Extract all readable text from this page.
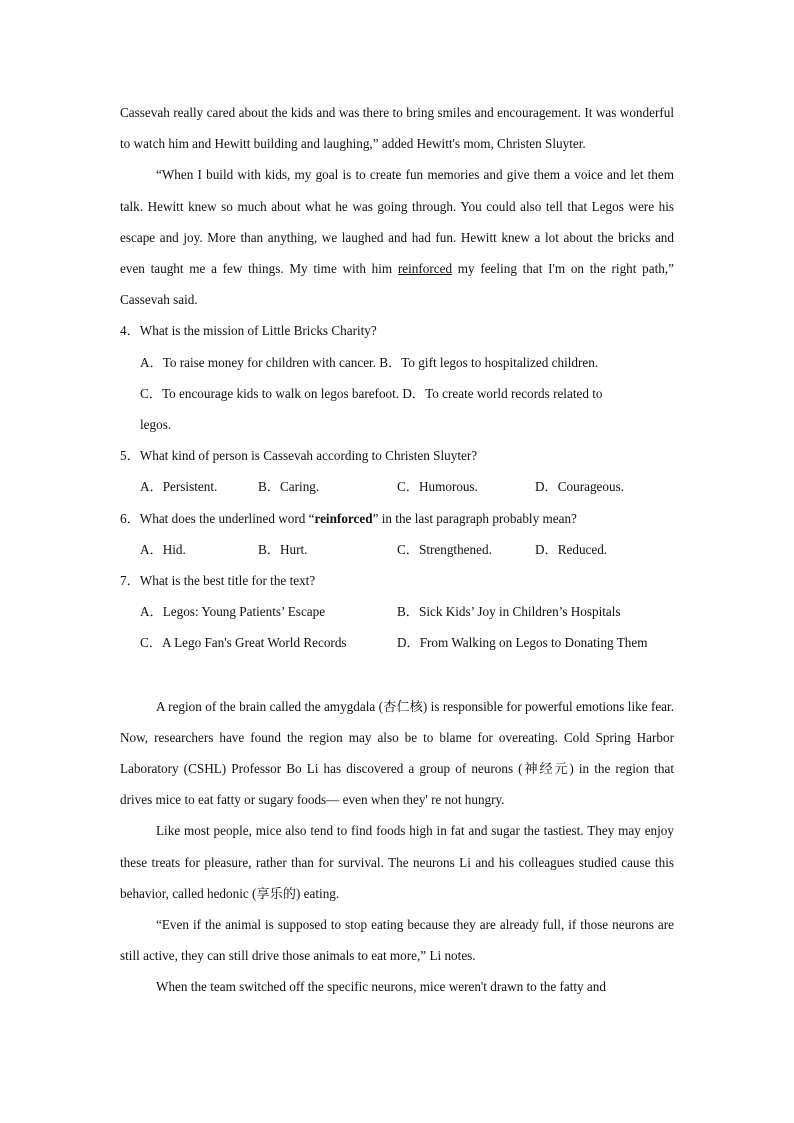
Cassevah really cared about the kids and was there to bring smiles and encouragement. It was wonderful to watch him and Hewitt building and laughing,” added Hewitt's mom, Christen Sluyter.

“When I build with kids, my goal is to create fun memories and give them a voice and let them talk. Hewitt knew so much about what he was going through. You could also tell that Legos were his escape and joy. More than anything, we laughed and had fun. Hewitt knew a lot about the bricks and even taught me a few things. My time with him reinforced my feeling that I'm on the right path,” Cassevah said.

4．What is the mission of Little Bricks Charity?

A．To raise money for children with cancer. B．To gift legos to hospitalized children.

C．To encourage kids to walk on legos barefoot. D．To create world records related to

legos.

5．What kind of person is Cassevah according to Christen Sluyter?

A．Persistent.	B．Caring.	C．Humorous.	D．Courageous.

6．What does the underlined word “reinforced” in the last paragraph probably mean?

A．Hid.	B．Hurt.	C．Strengthened.	D．Reduced.

7．What is the best title for the text?

A．Legos: Young Patients’ Escape	B．Sick Kids’ Joy in Children’s Hospitals
C．A Lego Fan's Great World Records	D．From Walking on Legos to Donating Them

A region of the brain called the amygdala (杏仁核) is responsible for powerful emotions like fear. Now, researchers have found the region may also be to blame for overeating. Cold Spring Harbor Laboratory (CSHL) Professor Bo Li has discovered a group of neurons (神经元) in the region that drives mice to eat fatty or sugary foods— even when they' re not hungry.

Like most people, mice also tend to find foods high in fat and sugar the tastiest. They may enjoy these treats for pleasure, rather than for survival. The neurons Li and his colleagues studied cause this behavior, called hedonic (享乐的) eating.

“Even if the animal is supposed to stop eating because they are already full, if those neurons are still active, they can still drive those animals to eat more,” Li notes.

When the team switched off the specific neurons, mice weren't drawn to the fatty and
